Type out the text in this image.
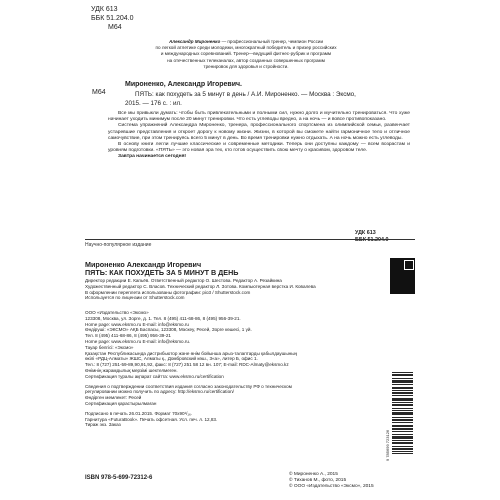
УДК 613
ББК 51.204.0
М64
Александр Мироненко — профессиональный тренер, чемпион России
по легкой атлетике среди молодежи, многократный победитель и призер российских
и международных соревнований. Тренер—ведущий фитнес-рубрик и программ
на отечественных телеканалах, автор созданных совершенных программ
тренировок для здоровья и стройности.
М64
Мироненко, Александр Игоревич.
ПЯТЬ: как похудеть за 5 минут в день / А.И. Мироненко. — Москва : Эксмо,
2015. — 176 с. : ил.

Все мы привыкли думать: чтобы быть привлекательными и полными сил, нужно долго и мучительно тренироваться. Что хуже начинает уходить минимум после 20 минут тренировки. Что есть углеводы вредно, а на ночь — и вовсе противопоказано.

Система упражнений Александра Мироненко, тренера, профессионального спортсмена из олимпийской семьи, развенчает устаревшие представления и откроет дорогу к новому жизни. Жизни, в которой вы сможете найти гармоничное тело и отличное самочувствие, при этом тренируясь всего 5 минут в день. Во время тренировки нужно отдыхать. А на ночь можно есть углеводы.

В основу книги легли лучшие классические и современные методики. Теперь они доступны каждому — всем возрастам и уровням подготовки. «ПЯТЬ» — это новая эра тех, кто готов осуществить свою мечту о красивом, здоровом теле.

Завтра начинается сегодня!

УДК 613
ББК 51.204.0
Научно-популярное издание
Мироненко Александр Игоревич
ПЯТЬ: КАК ПОХУДЕТЬ ЗА 5 МИНУТ В ДЕНЬ
Директор редакции Е. Капьёв. Ответственный редактор О. Шестова. Редактор А. Резайкина
Художественный редактор С. Власов. Технический редактор Л. Зотова. Компьютерная верстка И. Ковалева
В оформлении переплета использованы фотографии: pio3 / Shutterstock.com
Используется по лицензии от Shutterstock.com
ООО «Издательство «Эксмо»
123308, Москва, ул. Зорге, д. 1. Тел. 8 (495) 411-68-86, 8 (495) 956-39-21.
Home page: www.eksmo.ru E-mail: info@eksmo.ru
Өндіруші: «ЭКСМО» АҚБ Баспасы, 123308, Мәскеу, Ресей, Зорге көшесі, 1 үй.
Тел. 8 (495) 411-68-86, 8 (495) 956-39-21
Home page: www.eksmo.ru E-mail: info@eksmo.ru.
Тауар белгісі: «Эксмо»
Қазақстан Республикасында дистрибьютор және өнім бойынша арыз-талаптарды қабылдаушының
өкілі «РДЦ-Алматы» ЖШС, Алматы қ., Домбровский көш., 3«а», литер Б, офис 1.
Тел.: 8 (727) 251-59-89,90,91,92, факс: 8 (727) 251 58 12 вн. 107; E-mail: RDC-Almaty@eksmo.kz
Өнімнің жарамдылық мерзімі шектелмеген.
Сертификация туралы ақпарат сайтта: www.eksmo.ru/certification
Сведения о подтверждении соответствия издания согласно законодательству РФ о техническом
регулировании можно получить по адресу: http://eksmo.ru/certification/
Өндірген мемлекет: Ресей
Сертификация қарастырылмаған
Подписано в печать 26.01.2015. Формат 70x90¹/₁₆.
Гарнитура «FuturaBook». Печать офсетная. Усл. печ. л. 12,83.
Тираж экз. Заказ
9 785699 723126
ISBN 978-5-699-72312-6
© Мироненко А., 2015
© Тиханов М., фото, 2015
© ООО «Издательство «Эксмо», 2015
